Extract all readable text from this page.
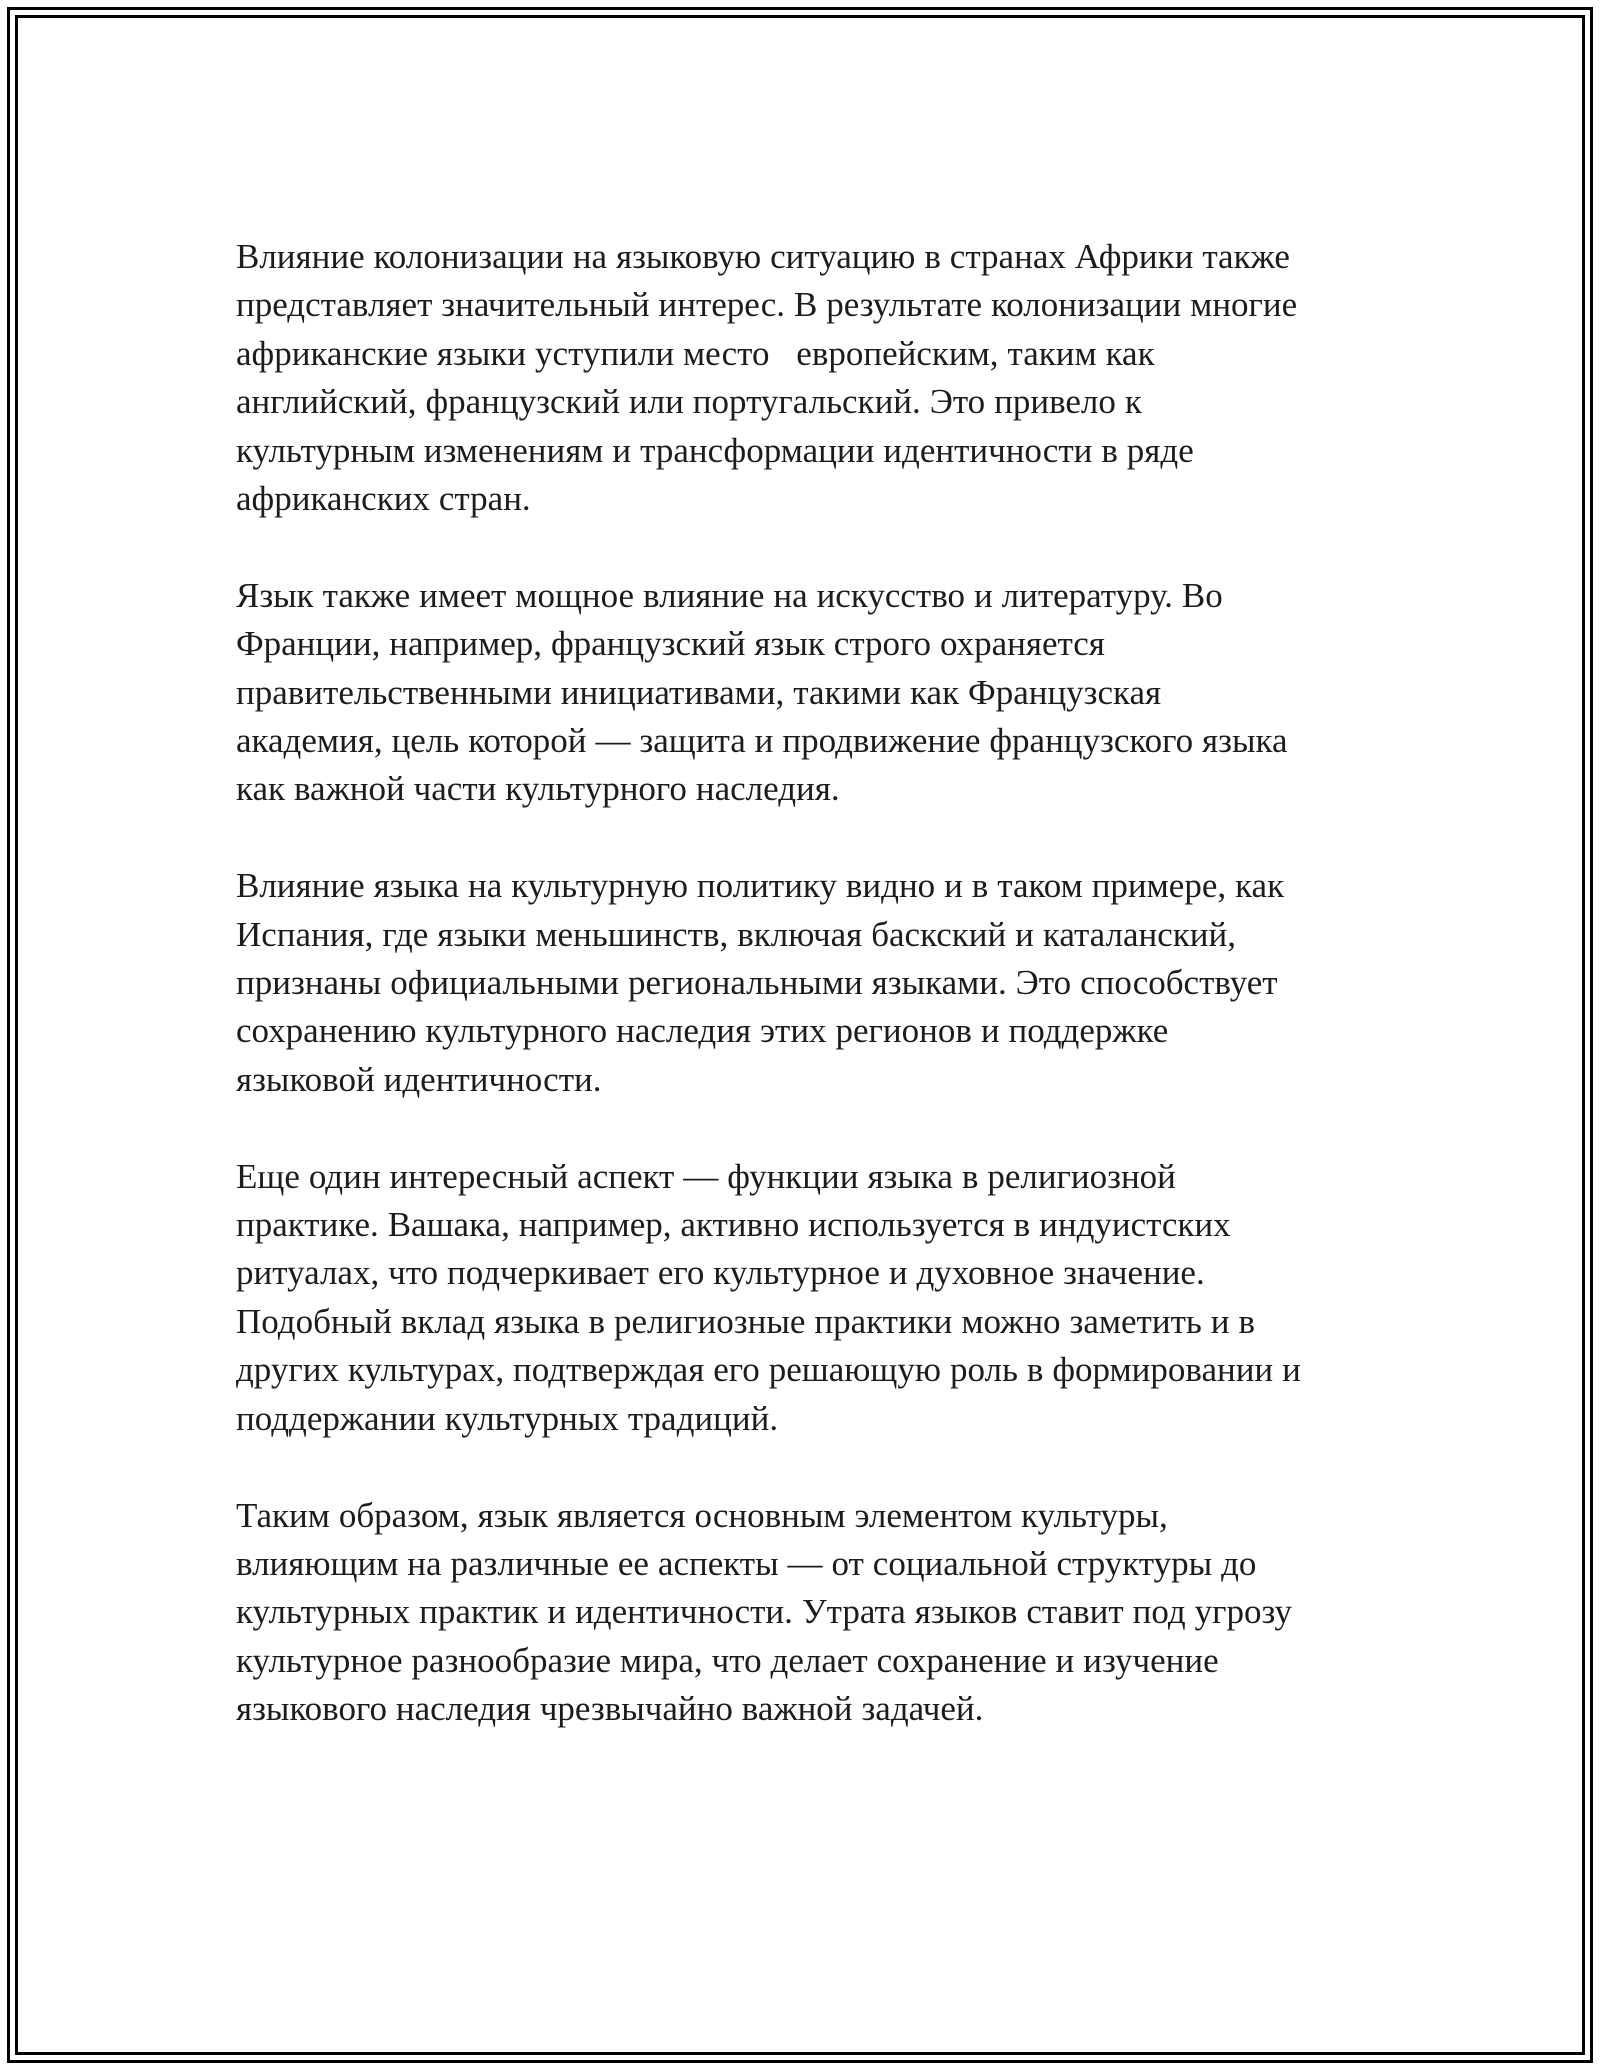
Влияние колонизации на языковую ситуацию в странах Африки также
представляет значительный интерес. В результате колонизации многие
африканские языки уступили место   европейским, таким как
английский, французский или португальский. Это привело к
культурным изменениям и трансформации идентичности в ряде
африканских стран.

Язык также имеет мощное влияние на искусство и литературу. Во
Франции, например, французский язык строго охраняется
правительственными инициативами, такими как Французская
академия, цель которой — защита и продвижение французского языка
как важной части культурного наследия.

Влияние языка на культурную политику видно и в таком примере, как
Испания, где языки меньшинств, включая баскский и каталанский,
признаны официальными региональными языками. Это способствует
сохранению культурного наследия этих регионов и поддержке
языковой идентичности.

Еще один интересный аспект — функции языка в религиозной
практике. Вашака, например, активно используется в индуистских
ритуалах, что подчеркивает его культурное и духовное значение.
Подобный вклад языка в религиозные практики можно заметить и в
других культурах, подтверждая его решающую роль в формировании и
поддержании культурных традиций.

Таким образом, язык является основным элементом культуры,
влияющим на различные ее аспекты — от социальной структуры до
культурных практик и идентичности. Утрата языков ставит под угрозу
культурное разнообразие мира, что делает сохранение и изучение
языкового наследия чрезвычайно важной задачей.
